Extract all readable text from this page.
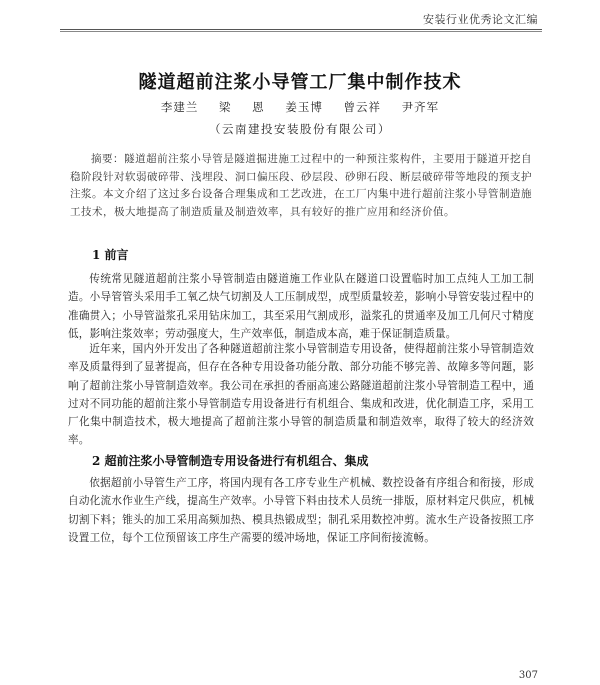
安装行业优秀论文汇编
隧道超前注浆小导管工厂集中制作技术
李建兰 梁 恩 姜玉博 曾云祥 尹齐军
（云南建投安装股份有限公司）
摘要：隧道超前注浆小导管是隧道掘进施工过程中的一种预注浆构件，主要用于隧道开挖自稳阶段针对软弱破碎带、浅埋段、洞口偏压段、砂层段、砂卵石段、断层破碎带等地段的预支护注浆。本文介绍了这过多台设备合理集成和工艺改进，在工厂内集中进行超前注浆小导管制造施工技术，极大地提高了制造质量及制造效率，具有较好的推广应用和经济价值。
1 前言

传统常见隧道超前注浆小导管制造由隧道施工作业队在隧道口设置临时加工点纯人工加工制造。小导管管头采用手工氧乙炔气切割及人工压制成型，成型质量较差，影响小导管安装过程中的准确贯入；小导管溢浆孔采用钻床加工，其至采用气割成形，溢浆孔的贯通率及加工几何尺寸精度低，影响注浆效率；劳动强度大，生产效率低，制造成本高，难于保证制造质量。

近年来，国内外开发出了各种隧道超前注浆小导管制造专用设备，使得超前注浆小导管制造效率及质量得到了显著提高，但存在各种专用设备功能分散、部分功能不够完善、故障多等问题，影响了超前注浆小导管制造效率。我公司在承担的香丽高速公路隧道超前注浆小导管制造工程中，通过对不同功能的超前注浆小导管制造专用设备进行有机组合、集成和改进，优化制造工序，采用工厂化集中制造技术，极大地提高了超前注浆小导管的制造质量和制造效率，取得了较大的经济效率。

2 超前注浆小导管制造专用设备进行有机组合、集成

依据超前小导管生产工序，将国内现有各工序专业生产机械、数控设备有序组合和衔接，形成自动化流水作业生产线，提高生产效率。小导管下料由技术人员统一排版，原材料定尺供应，机械切割下料；锥头的加工采用高频加热、模具热锻成型；制孔采用数控冲剪。流水生产设备按照工序设置工位，每个工位预留该工序生产需要的缓冲场地，保证工序间衔接流畅。

307
